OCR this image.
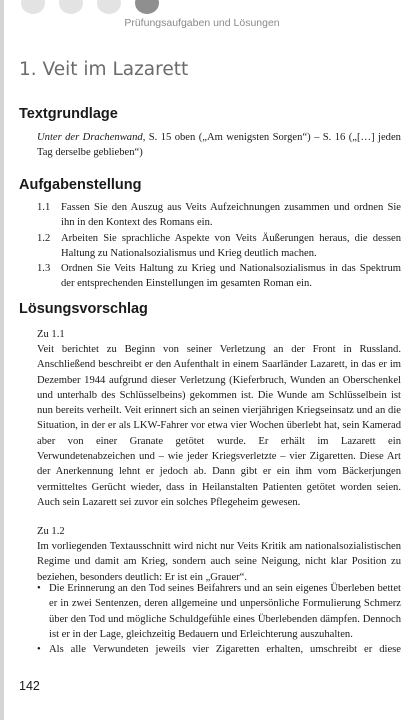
Prüfungsaufgaben und Lösungen
1. Veit im Lazarett
Textgrundlage

Unter der Drachenwand, S. 15 oben („Am wenigsten Sorgen“) – S. 16 („[…] jeden Tag derselbe geblieben“)

Aufgabenstellung
1.1	Fassen Sie den Auszug aus Veits Aufzeichnungen zusammen und ordnen Sie ihn in den Kontext des Romans ein.
1.2	Arbeiten Sie sprachliche Aspekte von Veits Äußerungen heraus, die dessen Haltung zu Nationalsozialismus und Krieg deutlich machen.
1.3	Ordnen Sie Veits Haltung zu Krieg und Nationalsozialismus in das Spektrum der entsprechenden Einstellungen im gesamten Roman ein.
Lösungsvorschlag
Zu 1.1

Veit berichtet zu Beginn von seiner Verletzung an der Front in Russland. Anschließend beschreibt er den Aufenthalt in einem Saarländer Lazarett, in das er im Dezember 1944 aufgrund dieser Verletzung (Kieferbruch, Wunden an Oberschenkel und unterhalb des Schlüsselbeins) gekommen ist. Die Wunde am Schlüsselbein ist nun bereits verheilt. Veit erinnert sich an seinen vierjährigen Kriegseinsatz und an die Situation, in der er als LKW-Fahrer vor etwa vier Wochen überlebt hat, sein Kamerad aber von einer Granate getötet wurde. Er erhält im Lazarett ein Verwundetenabzeichen und – wie jeder Kriegsverletzte – vier Zigaretten. Diese Art der Anerkennung lehnt er jedoch ab. Dann gibt er ein ihm vom Bäckerjungen vermitteltes Gerücht wieder, dass in Heilanstalten Patienten getötet worden seien. Auch sein Lazarett sei zuvor ein solches Pflegeheim gewesen.

Zu 1.2

Im vorliegenden Textausschnitt wird nicht nur Veits Kritik am nationalsozialistischen Regime und damit am Krieg, sondern auch seine Neigung, nicht klar Position zu beziehen, besonders deutlich: Er ist ein „Grauer“.

• Die Erinnerung an den Tod seines Beifahrers und an sein eigenes Überleben bettet er in zwei Sentenzen, deren allgemeine und unpersönliche Formulierung Schmerz über den Tod und mögliche Schuldgefühle eines Überlebenden dämpfen. Dennoch ist er in der Lage, gleichzeitig Bedauern und Erleichterung auszuhalten.
• Als alle Verwundeten jeweils vier Zigaretten erhalten, umschreibt er diese
142
